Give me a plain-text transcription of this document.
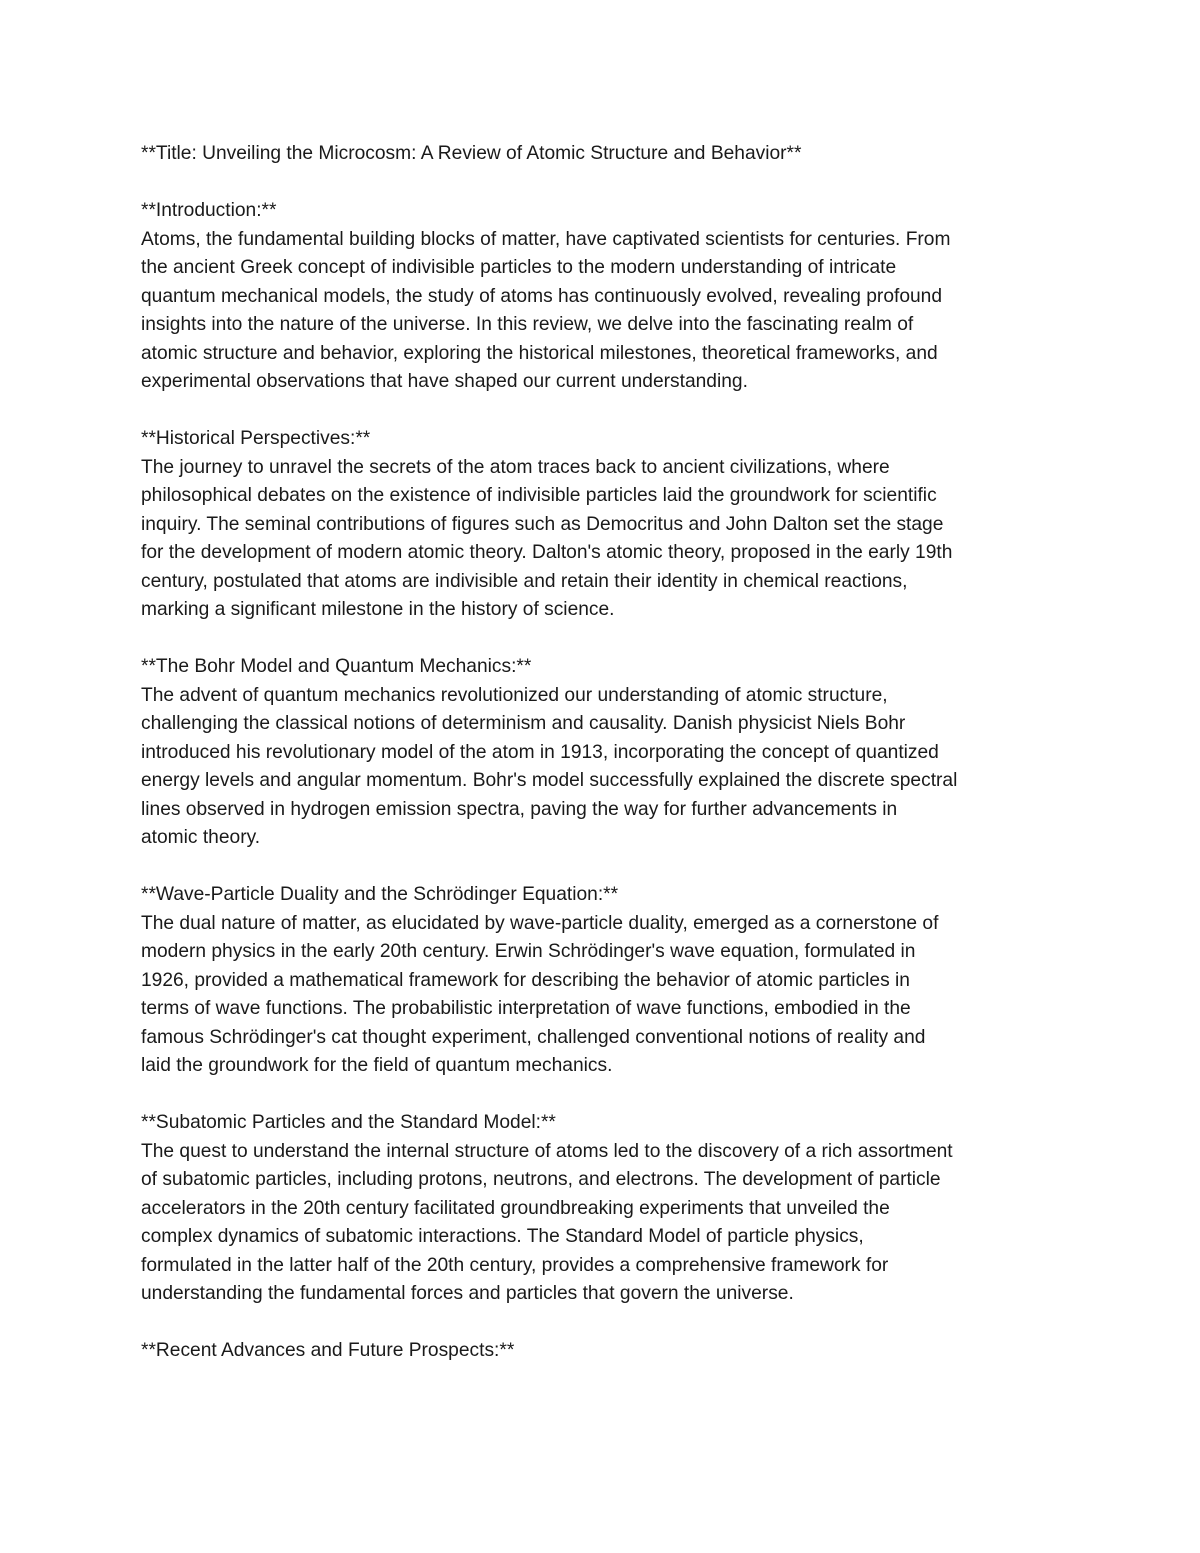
**Title: Unveiling the Microcosm: A Review of Atomic Structure and Behavior**
**Introduction:**
Atoms, the fundamental building blocks of matter, have captivated scientists for centuries. From
the ancient Greek concept of indivisible particles to the modern understanding of intricate
quantum mechanical models, the study of atoms has continuously evolved, revealing profound
insights into the nature of the universe. In this review, we delve into the fascinating realm of
atomic structure and behavior, exploring the historical milestones, theoretical frameworks, and
experimental observations that have shaped our current understanding.
**Historical Perspectives:**
The journey to unravel the secrets of the atom traces back to ancient civilizations, where
philosophical debates on the existence of indivisible particles laid the groundwork for scientific
inquiry. The seminal contributions of figures such as Democritus and John Dalton set the stage
for the development of modern atomic theory. Dalton's atomic theory, proposed in the early 19th
century, postulated that atoms are indivisible and retain their identity in chemical reactions,
marking a significant milestone in the history of science.
**The Bohr Model and Quantum Mechanics:**
The advent of quantum mechanics revolutionized our understanding of atomic structure,
challenging the classical notions of determinism and causality. Danish physicist Niels Bohr
introduced his revolutionary model of the atom in 1913, incorporating the concept of quantized
energy levels and angular momentum. Bohr's model successfully explained the discrete spectral
lines observed in hydrogen emission spectra, paving the way for further advancements in
atomic theory.
**Wave-Particle Duality and the Schrödinger Equation:**
The dual nature of matter, as elucidated by wave-particle duality, emerged as a cornerstone of
modern physics in the early 20th century. Erwin Schrödinger's wave equation, formulated in
1926, provided a mathematical framework for describing the behavior of atomic particles in
terms of wave functions. The probabilistic interpretation of wave functions, embodied in the
famous Schrödinger's cat thought experiment, challenged conventional notions of reality and
laid the groundwork for the field of quantum mechanics.
**Subatomic Particles and the Standard Model:**
The quest to understand the internal structure of atoms led to the discovery of a rich assortment
of subatomic particles, including protons, neutrons, and electrons. The development of particle
accelerators in the 20th century facilitated groundbreaking experiments that unveiled the
complex dynamics of subatomic interactions. The Standard Model of particle physics,
formulated in the latter half of the 20th century, provides a comprehensive framework for
understanding the fundamental forces and particles that govern the universe.
**Recent Advances and Future Prospects:**
